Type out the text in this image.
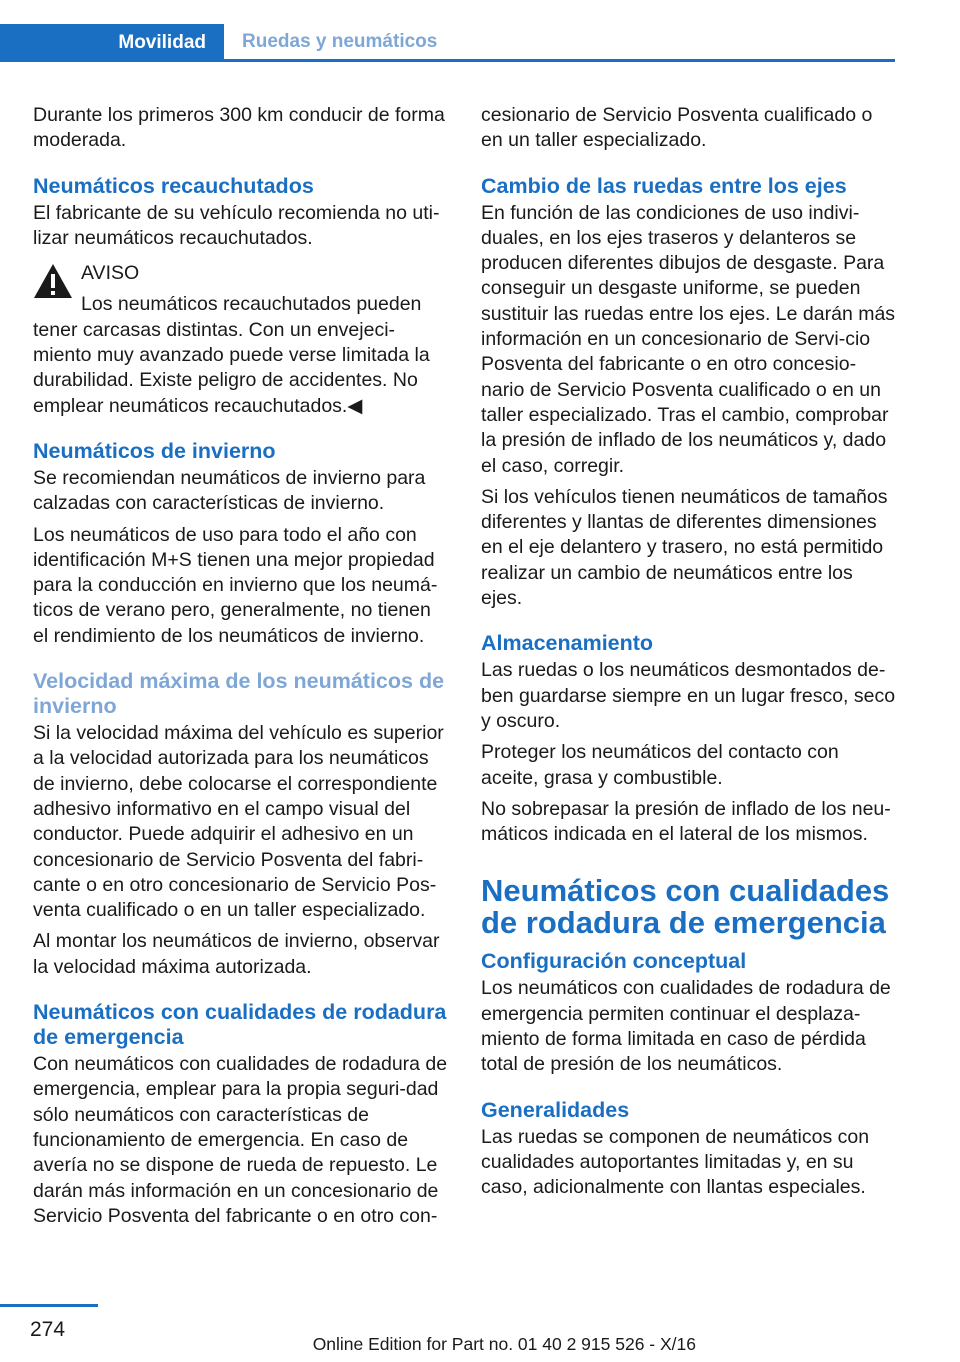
Movilidad	Ruedas y neumáticos

Durante los primeros 300 km conducir de forma moderada.

Neumáticos recauchutados

El fabricante de su vehículo recomienda no uti‐lizar neumáticos recauchutados.

AVISO

Los neumáticos recauchutados pueden tener carcasas distintas. Con un envejeci‐miento muy avanzado puede verse limitada la durabilidad. Existe peligro de accidentes. No emplear neumáticos recauchutados.◀

Neumáticos de invierno

Se recomiendan neumáticos de invierno para calzadas con características de invierno.

Los neumáticos de uso para todo el año con identificación M+S tienen una mejor propiedad para la conducción en invierno que los neumá‐ticos de verano pero, generalmente, no tienen el rendimiento de los neumáticos de invierno.

Velocidad máxima de los neumáticos de invierno

Si la velocidad máxima del vehículo es superior a la velocidad autorizada para los neumáticos de invierno, debe colocarse el correspondiente adhesivo informativo en el campo visual del conductor. Puede adquirir el adhesivo en un concesionario de Servicio Posventa del fabri‐cante o en otro concesionario de Servicio Pos‐venta cualificado o en un taller especializado.

Al montar los neumáticos de invierno, observar la velocidad máxima autorizada.

Neumáticos con cualidades de rodadura de emergencia

Con neumáticos con cualidades de rodadura de emergencia, emplear para la propia seguri‐dad sólo neumáticos con características de funcionamiento de emergencia. En caso de avería no se dispone de rueda de repuesto. Le darán más información en un concesionario de Servicio Posventa del fabricante o en otro con‐

cesionario de Servicio Posventa cualificado o en un taller especializado.

Cambio de las ruedas entre los ejes

En función de las condiciones de uso indivi‐duales, en los ejes traseros y delanteros se producen diferentes dibujos de desgaste. Para conseguir un desgaste uniforme, se pueden sustituir las ruedas entre los ejes. Le darán más información en un concesionario de Servi‐cio Posventa del fabricante o en otro concesio‐nario de Servicio Posventa cualificado o en un taller especializado. Tras el cambio, comprobar la presión de inflado de los neumáticos y, dado el caso, corregir.

Si los vehículos tienen neumáticos de tamaños diferentes y llantas de diferentes dimensiones en el eje delantero y trasero, no está permitido realizar un cambio de neumáticos entre los ejes.

Almacenamiento

Las ruedas o los neumáticos desmontados de‐ben guardarse siempre en un lugar fresco, seco y oscuro.

Proteger los neumáticos del contacto con aceite, grasa y combustible.

No sobrepasar la presión de inflado de los neu‐máticos indicada en el lateral de los mismos.

Neumáticos con cualidades de rodadura de emergencia
Configuración conceptual

Los neumáticos con cualidades de rodadura de emergencia permiten continuar el desplaza‐miento de forma limitada en caso de pérdida total de presión de los neumáticos.

Generalidades

Las ruedas se componen de neumáticos con cualidades autoportantes limitadas y, en su caso, adicionalmente con llantas especiales.

274
Online Edition for Part no. 01 40 2 915 526 - X/16
